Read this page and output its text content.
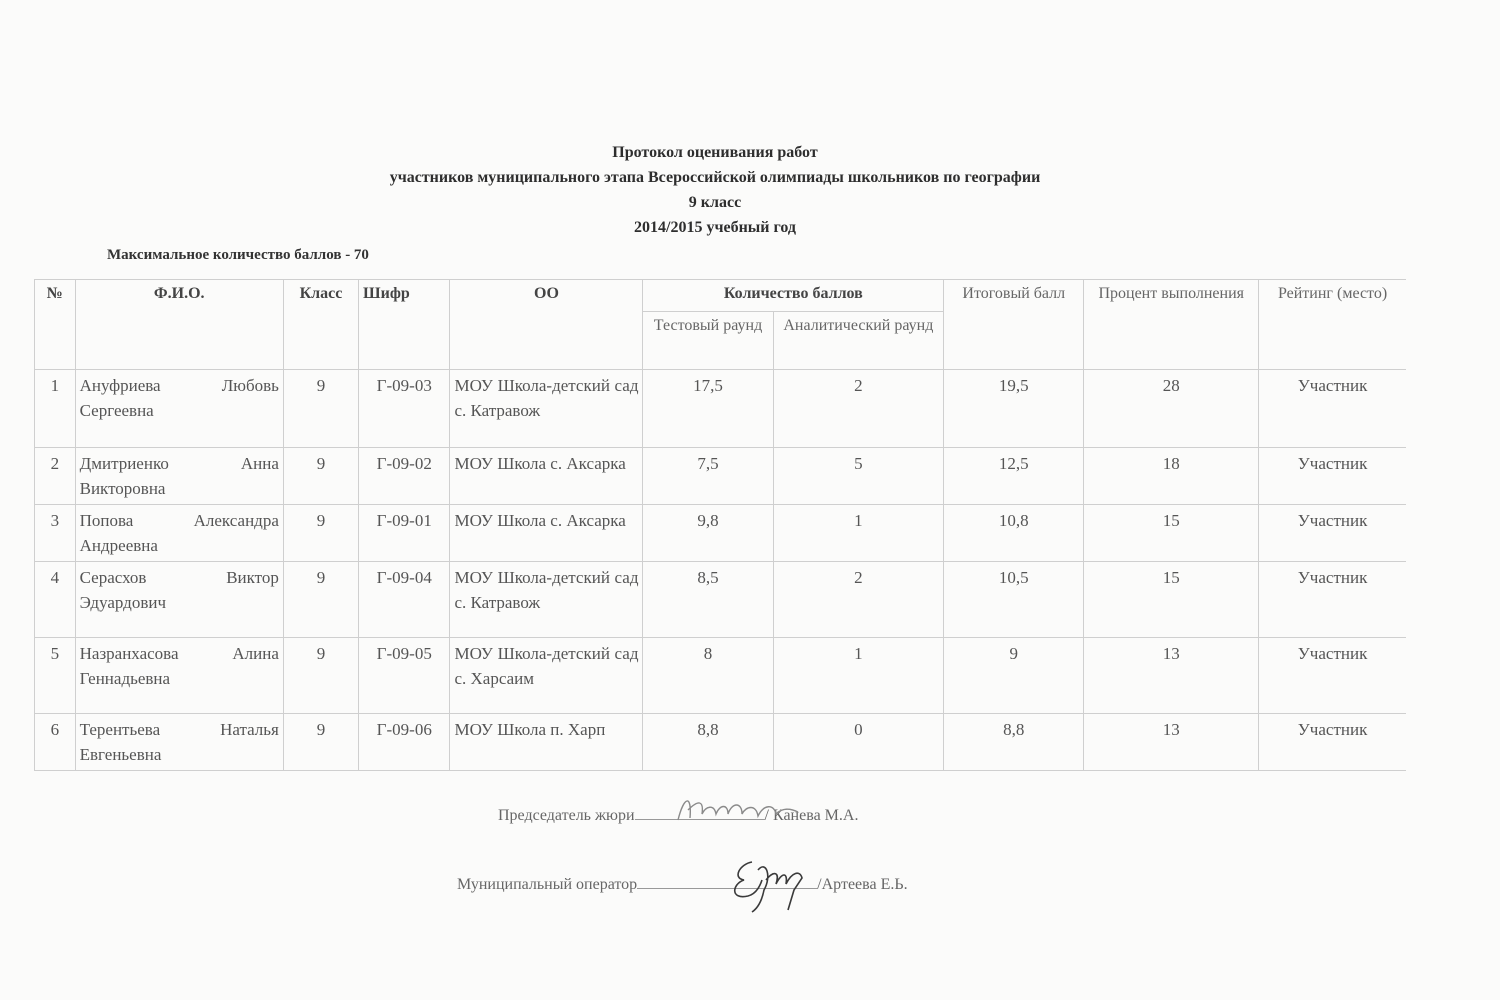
Протокол оценивания работ
участников муниципального этапа Всероссийской олимпиады школьников по географии
9 класс
2014/2015 учебный год
Максимальное количество баллов - 70
№	Ф.И.О.	Класс	Шифр	ОО	Количество баллов		Итоговый балл	Процент выполнения	Рейтинг (место)
					Тестовый раунд	Аналитический раунд			
1	Ануфриева Любовь Сергеевна	9	Г-09-03	МОУ Школа-детский сад с. Катравож	17,5	2	19,5	28	Участник
2	Дмитриенко Анна Викторовна	9	Г-09-02	МОУ Школа с. Аксарка	7,5	5	12,5	18	Участник
3	Попова Александра Андреевна	9	Г-09-01	МОУ Школа с. Аксарка	9,8	1	10,8	15	Участник
4	Серасхов Виктор Эдуардович	9	Г-09-04	МОУ Школа-детский сад с. Катравож	8,5	2	10,5	15	Участник
5	Назранхасова Алина Геннадьевна	9	Г-09-05	МОУ Школа-детский сад с. Харсаим	8	1	9	13	Участник
6	Терентьева Наталья Евгеньевна	9	Г-09-06	МОУ Школа п. Харп	8,8	0	8,8	13	Участник
Председатель жюри	/ Канева М.А.
Муниципальный оператор	/Артеева Е.Ь.
